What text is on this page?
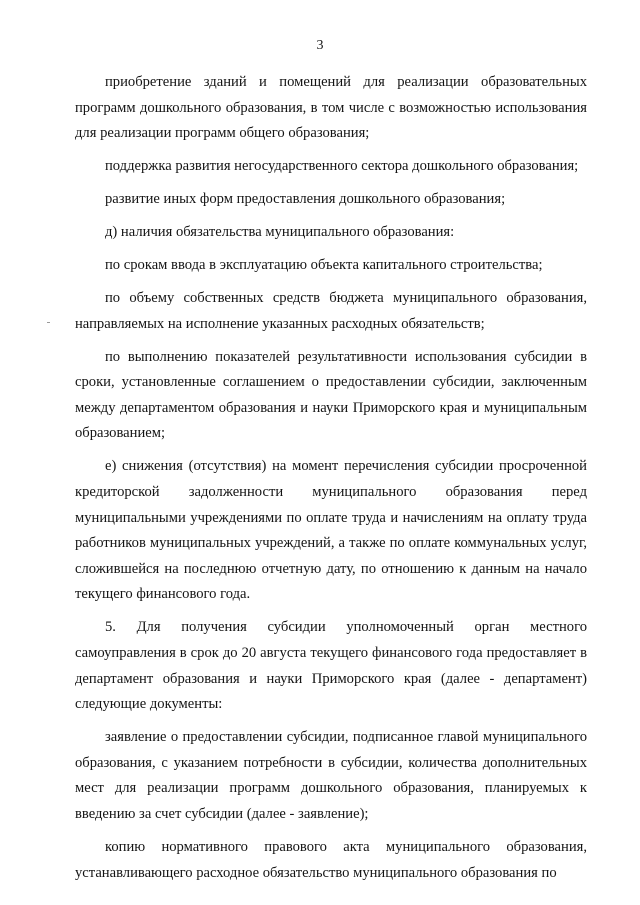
3

приобретение зданий и помещений для реализации образовательных программ дошкольного образования, в том числе с возможностью использования для реализации программ общего образования;

поддержка развития негосударственного сектора дошкольного образования;

развитие иных форм предоставления дошкольного образования;

д) наличия обязательства муниципального образования:

по срокам ввода в эксплуатацию объекта капитального строительства;

по объему собственных средств бюджета муниципального образования, направляемых на исполнение указанных расходных обязательств;

по выполнению показателей результативности использования субсидии в сроки, установленные соглашением о предоставлении субсидии, заключенным между департаментом образования и науки Приморского края и муниципальным образованием;

е) снижения (отсутствия) на момент перечисления субсидии просроченной кредиторской задолженности муниципального образования перед муниципальными учреждениями по оплате труда и начислениям на оплату труда работников муниципальных учреждений, а также по оплате коммунальных услуг, сложившейся на последнюю отчетную дату, по отношению к данным на начало текущего финансового года.

5. Для получения субсидии уполномоченный орган местного самоуправления в срок до 20 августа текущего финансового года предоставляет в департамент образования и науки Приморского края (далее - департамент) следующие документы:

заявление о предоставлении субсидии, подписанное главой муниципального образования, с указанием потребности в субсидии, количества дополнительных мест для реализации программ дошкольного образования, планируемых к введению за счет субсидии (далее - заявление);

копию нормативного правового акта муниципального образования, устанавливающего расходное обязательство муниципального образования по
